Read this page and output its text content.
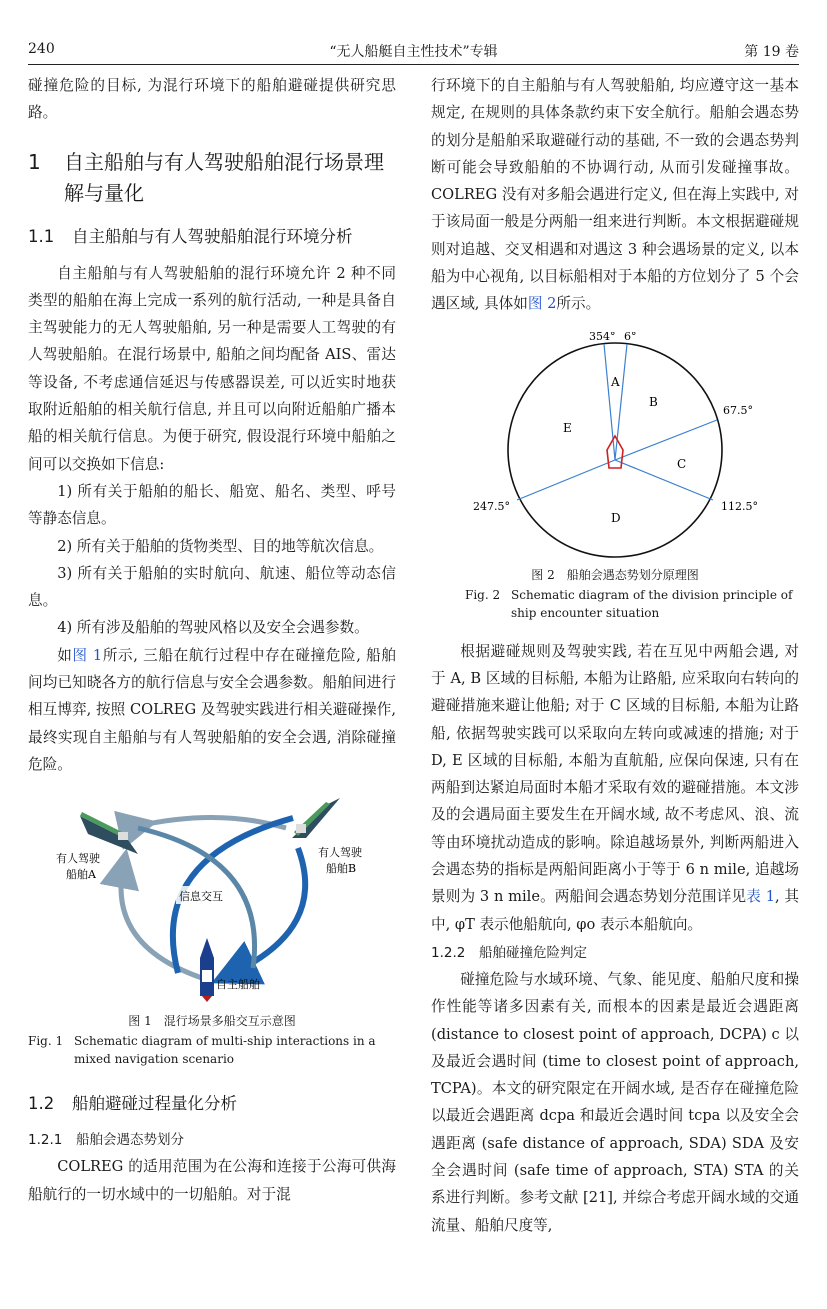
240	“无人船艇自主性技术”专辑	第 19 卷

碰撞危险的目标, 为混行环境下的船舶避碰提供研究思路。

1	自主船舶与有人驾驶船舶混行场景理解与量化
1.1	自主船舶与有人驾驶船舶混行环境分析

自主船舶与有人驾驶船舶的混行环境允许 2 种不同类型的船舶在海上完成一系列的航行活动, 一种是具备自主驾驶能力的无人驾驶船舶, 另一种是需要人工驾驶的有人驾驶船舶。在混行场景中, 船舶之间均配备 AIS、雷达等设备, 不考虑通信延迟与传感器误差, 可以近实时地获取附近船舶的相关航行信息, 并且可以向附近船舶广播本船的相关航行信息。为便于研究, 假设混行环境中船舶之间可以交换如下信息:

1) 所有关于船舶的船长、船宽、船名、类型、呼号等静态信息。

2) 所有关于船舶的货物类型、目的地等航次信息。

3) 所有关于船舶的实时航向、航速、船位等动态信息。

4) 所有涉及船舶的驾驶风格以及安全会遇参数。

如图 1所示, 三船在航行过程中存在碰撞危险, 船舶间均已知晓各方的航行信息与安全会遇参数。船舶间进行相互博弈, 按照 COLREG 及驾驶实践进行相关避碰操作, 最终实现自主船舶与有人驾驶船舶的安全会遇, 消除碰撞危险。

有人驾驶
船舶A
有人驾驶
船舶B
信息交互
自主船舶
图 1　混行场景多船交互示意图
Fig. 1 Schematic diagram of multi-ship interactions in a mixed navigation scenario
1.2	船舶避碰过程量化分析
1.2.1	船舶会遇态势划分

COLREG 的适用范围为在公海和连接于公海可供海船航行的一切水域中的一切船舶。对于混

行环境下的自主船舶与有人驾驶船舶, 均应遵守这一基本规定, 在规则的具体条款约束下安全航行。船舶会遇态势的划分是船舶采取避碰行动的基础, 不一致的会遇态势判断可能会导致船舶的不协调行动, 从而引发碰撞事故。COLREG 没有对多船会遇进行定义, 但在海上实践中, 对于该局面一般是分两船一组来进行判断。本文根据避碰规则对追越、交叉相遇和对遇这 3 种会遇场景的定义, 以本船为中心视角, 以目标船相对于本船的方位划分了 5 个会遇区域, 具体如图 2所示。

354° 6°
67.5°
112.5°
247.5°
A
B
C
D
E
图 2　船舶会遇态势划分原理图
Fig. 2 Schematic diagram of the division principle of ship encounter situation

根据避碰规则及驾驶实践, 若在互见中两船会遇, 对于 A, B 区域的目标船, 本船为让路船, 应采取向右转向的避碰措施来避让他船; 对于 C 区域的目标船, 本船为让路船, 依据驾驶实践可以采取向左转向或减速的措施; 对于 D, E 区域的目标船, 本船为直航船, 应保向保速, 只有在两船到达紧迫局面时本船才采取有效的避碰措施。本文涉及的会遇局面主要发生在开阔水域, 故不考虑风、浪、流等由环境扰动造成的影响。除追越场景外, 判断两船进入会遇态势的指标是两船间距离小于等于 6 n mile, 追越场景则为 3 n mile。两船间会遇态势划分范围详见表 1, 其中, φT 表示他船航向, φo 表示本船航向。

1.2.2	船舶碰撞危险判定

碰撞危险与水域环境、气象、能见度、船舶尺度和操作性能等诸多因素有关, 而根本的因素是最近会遇距离 (distance to closest point of approach, DCPA) c 以及最近会遇时间 (time to closest point of approach, TCPA)。本文的研究限定在开阔水域, 是否存在碰撞危险以最近会遇距离 dcpa 和最近会遇时间 tcpa 以及安全会遇距离 (safe distance of approach, SDA) SDA 及安全会遇时间 (safe time of approach, STA) STA 的关系进行判断。参考文献 [21], 并综合考虑开阔水域的交通流量、船舶尺度等,
